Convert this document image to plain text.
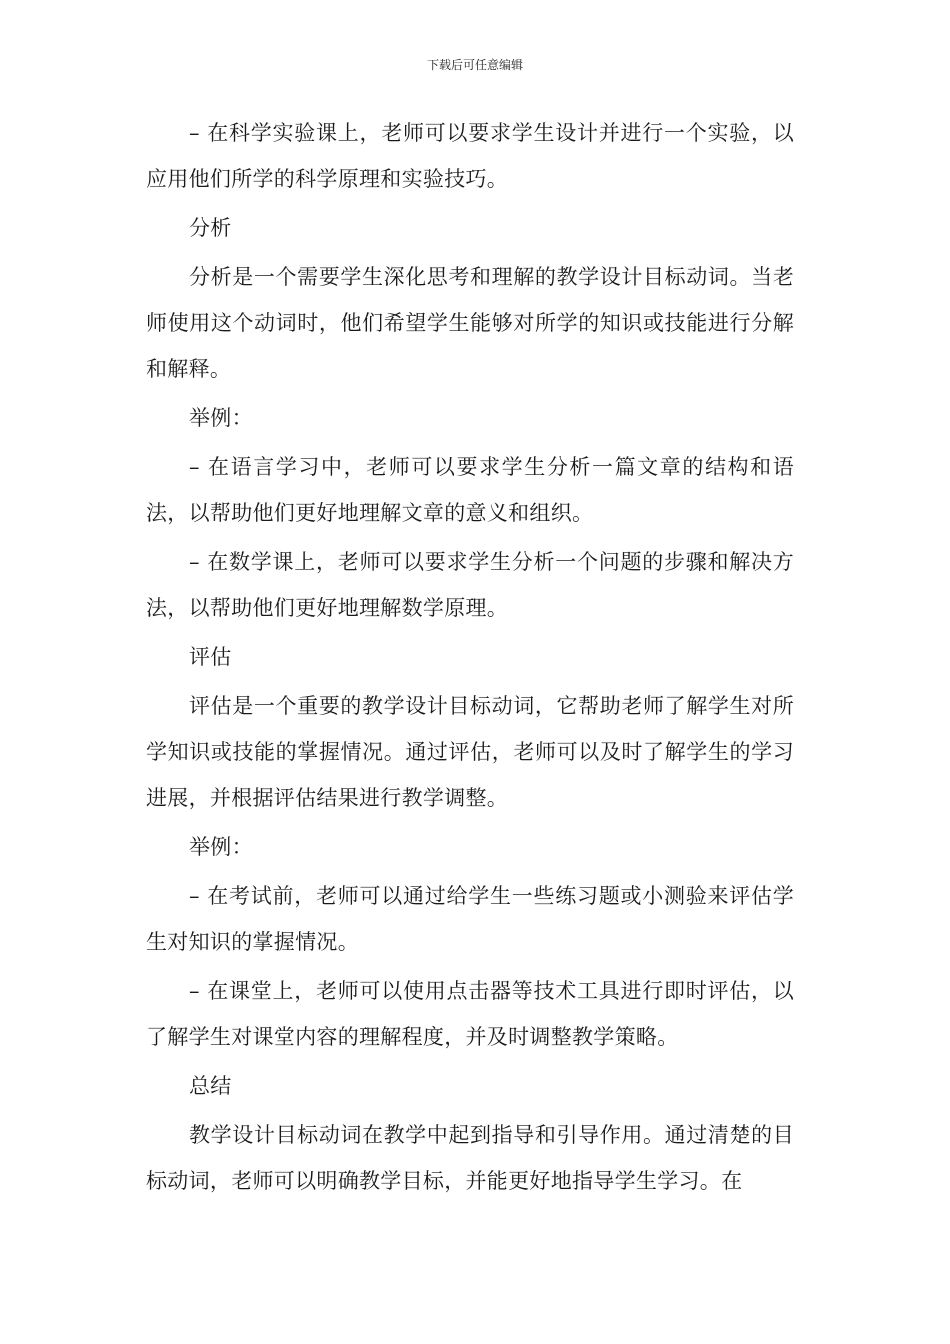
下载后可任意编辑

– 在科学实验课上，老师可以要求学生设计并进行一个实验，以应用他们所学的科学原理和实验技巧。

分析

分析是一个需要学生深化思考和理解的教学设计目标动词。当老师使用这个动词时，他们希望学生能够对所学的知识或技能进行分解和解释。

举例：

– 在语言学习中，老师可以要求学生分析一篇文章的结构和语法，以帮助他们更好地理解文章的意义和组织。

– 在数学课上，老师可以要求学生分析一个问题的步骤和解决方法，以帮助他们更好地理解数学原理。

评估

评估是一个重要的教学设计目标动词，它帮助老师了解学生对所学知识或技能的掌握情况。通过评估，老师可以及时了解学生的学习进展，并根据评估结果进行教学调整。

举例：

– 在考试前，老师可以通过给学生一些练习题或小测验来评估学生对知识的掌握情况。

– 在课堂上，老师可以使用点击器等技术工具进行即时评估，以了解学生对课堂内容的理解程度，并及时调整教学策略。

总结

教学设计目标动词在教学中起到指导和引导作用。通过清楚的目标动词，老师可以明确教学目标，并能更好地指导学生学习。在
